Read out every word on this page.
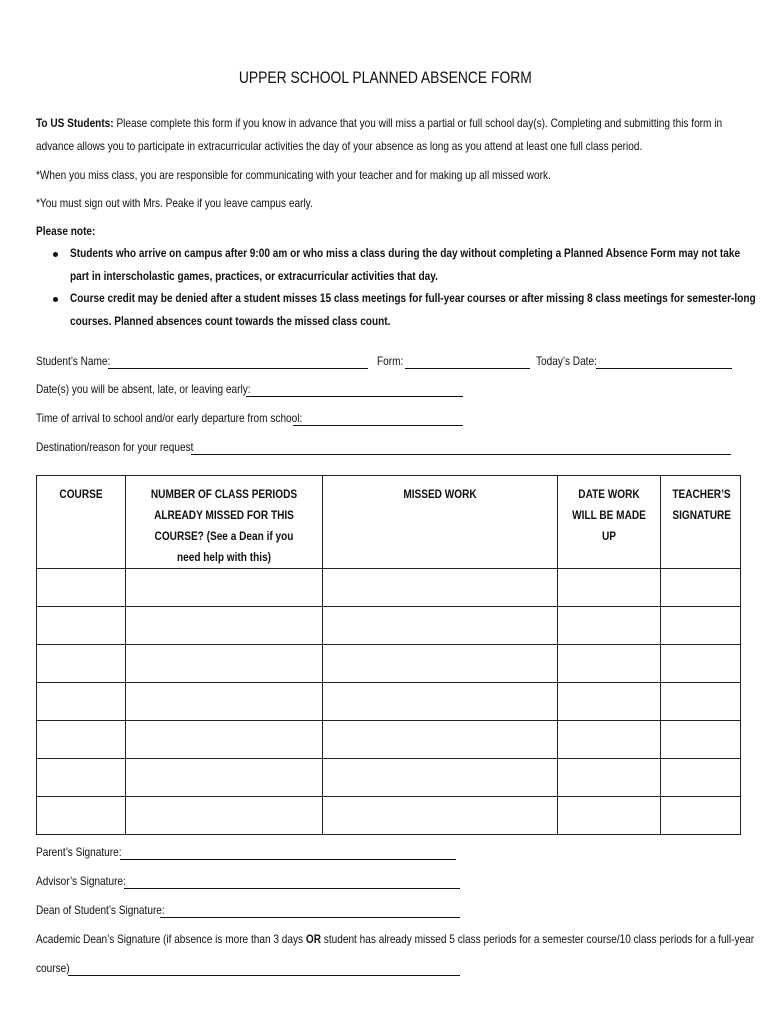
UPPER SCHOOL PLANNED ABSENCE FORM
To US Students: Please complete this form if you know in advance that you will miss a partial or full school day(s). Completing and submitting this form in
advance allows you to participate in extracurricular activities the day of your absence as long as you attend at least one full class period.
*When you miss class, you are responsible for communicating with your teacher and for making up all missed work.
*You must sign out with Mrs. Peake if you leave campus early.
Please note:
Students who arrive on campus after 9:00 am or who miss a class during the day without completing a Planned Absence Form may not take
part in interscholastic games, practices, or extracurricular activities that day.
Course credit may be denied after a student misses 15 class meetings for full-year courses or after missing 8 class meetings for semester-long
courses. Planned absences count towards the missed class count.
Student’s Name:	Form:	Today’s Date:
Date(s) you will be absent, late, or leaving early:
Time of arrival to school and/or early departure from school:
Destination/reason for your request
COURSE	NUMBER OF CLASS PERIODS ALREADY MISSED FOR THIS COURSE? (See a Dean if you need help with this)	MISSED WORK	DATE WORK WILL BE MADE UP	TEACHER’S SIGNATURE

Parent’s Signature:
Advisor’s Signature:
Dean of Student’s Signature:
Academic Dean’s Signature (if absence is more than 3 days OR student has already missed 5 class periods for a semester course/10 class periods for a full-year
course)
